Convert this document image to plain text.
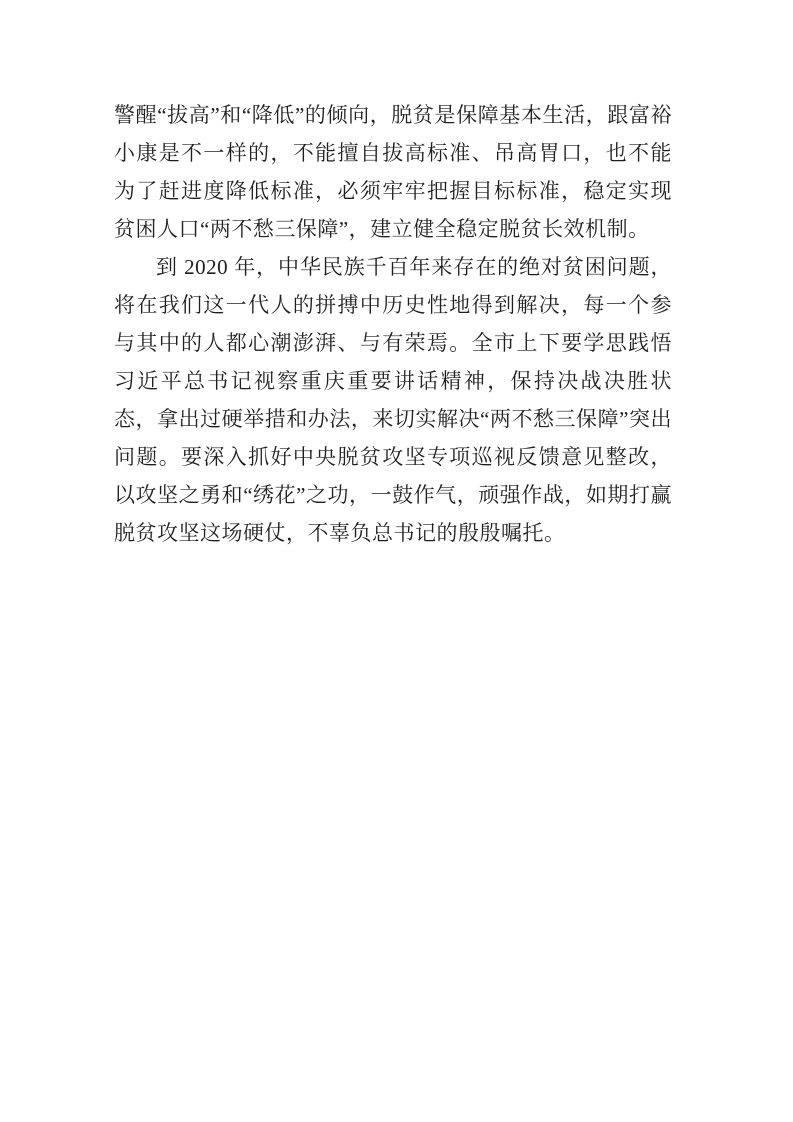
警醒“拔高”和“降低”的倾向，脱贫是保障基本生活，跟富裕小康是不一样的，不能擅自拔高标准、吊高胃口，也不能为了赶进度降低标准，必须牢牢把握目标标准，稳定实现贫困人口“两不愁三保障”，建立健全稳定脱贫长效机制。

到 2020 年，中华民族千百年来存在的绝对贫困问题，将在我们这一代人的拼搏中历史性地得到解决，每一个参与其中的人都心潮澎湃、与有荣焉。全市上下要学思践悟习近平总书记视察重庆重要讲话精神，保持决战决胜状态，拿出过硬举措和办法，来切实解决“两不愁三保障”突出问题。要深入抓好中央脱贫攻坚专项巡视反馈意见整改，以攻坚之勇和“绣花”之功，一鼓作气，顽强作战，如期打赢脱贫攻坚这场硬仗，不辜负总书记的殷殷嘱托。
